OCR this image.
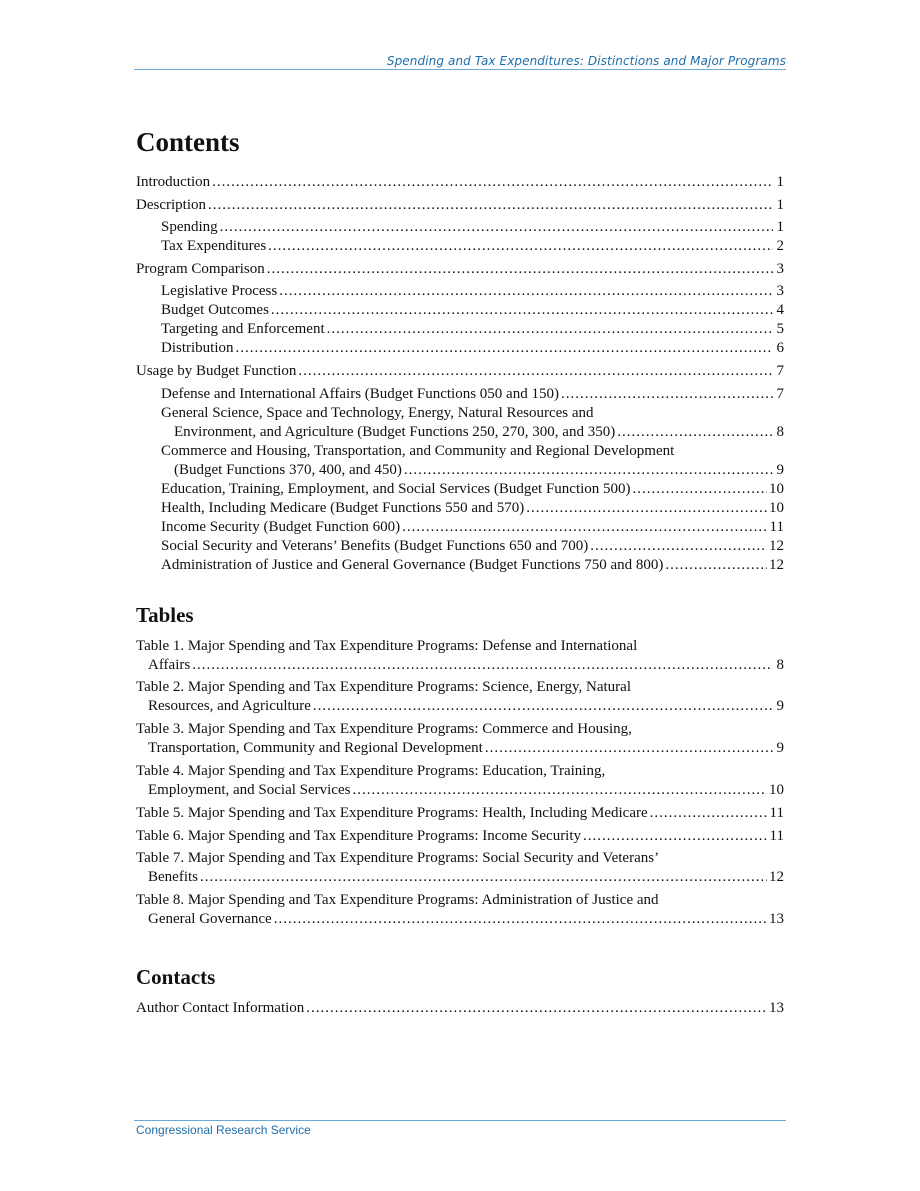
Spending and Tax Expenditures: Distinctions and Major Programs
Contents
Introduction .....	1
Description .....	1
Spending .....	1
Tax Expenditures .....	2
Program Comparison .....	3
Legislative Process .....	3
Budget Outcomes .....	4
Targeting and Enforcement .....	5
Distribution .....	6
Usage by Budget Function .....	7
Defense and International Affairs (Budget Functions 050 and 150) .....	7
General Science, Space and Technology, Energy, Natural Resources and
Environment, and Agriculture (Budget Functions 250, 270, 300, and 350) .....	8
Commerce and Housing, Transportation, and Community and Regional Development
(Budget Functions 370, 400, and 450) .....	9
Education, Training, Employment, and Social Services (Budget Function 500) .....	10
Health, Including Medicare (Budget Functions 550 and 570) .....	10
Income Security (Budget Function 600) .....	11
Social Security and Veterans’ Benefits (Budget Functions 650 and 700) .....	12
Administration of Justice and General Governance (Budget Functions 750 and 800) .....	12
Tables
Table 1. Major Spending and Tax Expenditure Programs: Defense and International
Affairs .....	8
Table 2. Major Spending and Tax Expenditure Programs: Science, Energy, Natural
Resources, and Agriculture .....	9
Table 3. Major Spending and Tax Expenditure Programs: Commerce and Housing,
Transportation, Community and Regional Development .....	9
Table 4. Major Spending and Tax Expenditure Programs: Education, Training,
Employment, and Social Services .....	10
Table 5. Major Spending and Tax Expenditure Programs: Health, Including Medicare .....	11
Table 6. Major Spending and Tax Expenditure Programs: Income Security .....	11
Table 7. Major Spending and Tax Expenditure Programs: Social Security and Veterans’
Benefits .....	12
Table 8. Major Spending and Tax Expenditure Programs: Administration of Justice and
General Governance .....	13
Contacts
Author Contact Information .....	13
Congressional Research Service
